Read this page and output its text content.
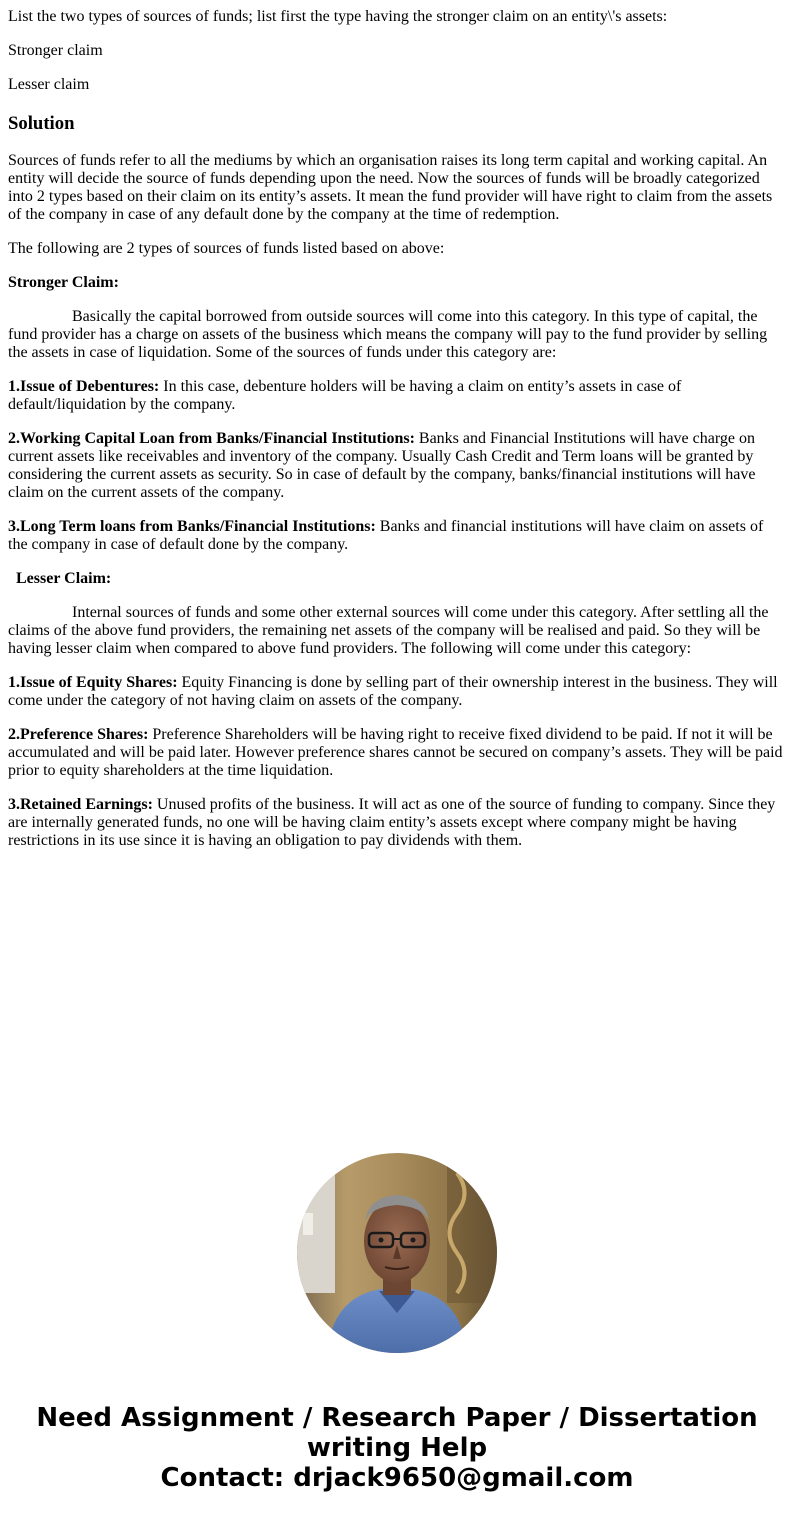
List the two types of sources of funds; list first the type having the stronger claim on an entity\'s assets:

Stronger claim

Lesser claim

Solution

Sources of funds refer to all the mediums by which an organisation raises its long term capital and working capital. An entity will decide the source of funds depending upon the need. Now the sources of funds will be broadly categorized into 2 types based on their claim on its entity’s assets. It mean the fund provider will have right to claim from the assets of the company in case of any default done by the company at the time of redemption.

The following are 2 types of sources of funds listed based on above:

Stronger Claim:

Basically the capital borrowed from outside sources will come into this category. In this type of capital, the fund provider has a charge on assets of the business which means the company will pay to the fund provider by selling the assets in case of liquidation. Some of the sources of funds under this category are:

1.Issue of Debentures: In this case, debenture holders will be having a claim on entity’s assets in case of default/liquidation by the company.

2.Working Capital Loan from Banks/Financial Institutions: Banks and Financial Institutions will have charge on current assets like receivables and inventory of the company. Usually Cash Credit and Term loans will be granted by considering the current assets as security. So in case of default by the company, banks/financial institutions will have claim on the current assets of the company.

3.Long Term loans from Banks/Financial Institutions: Banks and financial institutions will have claim on assets of the company in case of default done by the company.

Lesser Claim:

Internal sources of funds and some other external sources will come under this category. After settling all the claims of the above fund providers, the remaining net assets of the company will be realised and paid. So they will be having lesser claim when compared to above fund providers. The following will come under this category:

1.Issue of Equity Shares: Equity Financing is done by selling part of their ownership interest in the business. They will come under the category of not having claim on assets of the company.

2.Preference Shares: Preference Shareholders will be having right to receive fixed dividend to be paid. If not it will be accumulated and will be paid later. However preference shares cannot be secured on company’s assets. They will be paid prior to equity shareholders at the time liquidation.

3.Retained Earnings: Unused profits of the business. It will act as one of the source of funding to company. Since they are internally generated funds, no one will be having claim entity’s assets except where company might be having restrictions in its use since it is having an obligation to pay dividends with them.

Need Assignment / Research Paper / Dissertation
writing Help
Contact: drjack9650@gmail.com
